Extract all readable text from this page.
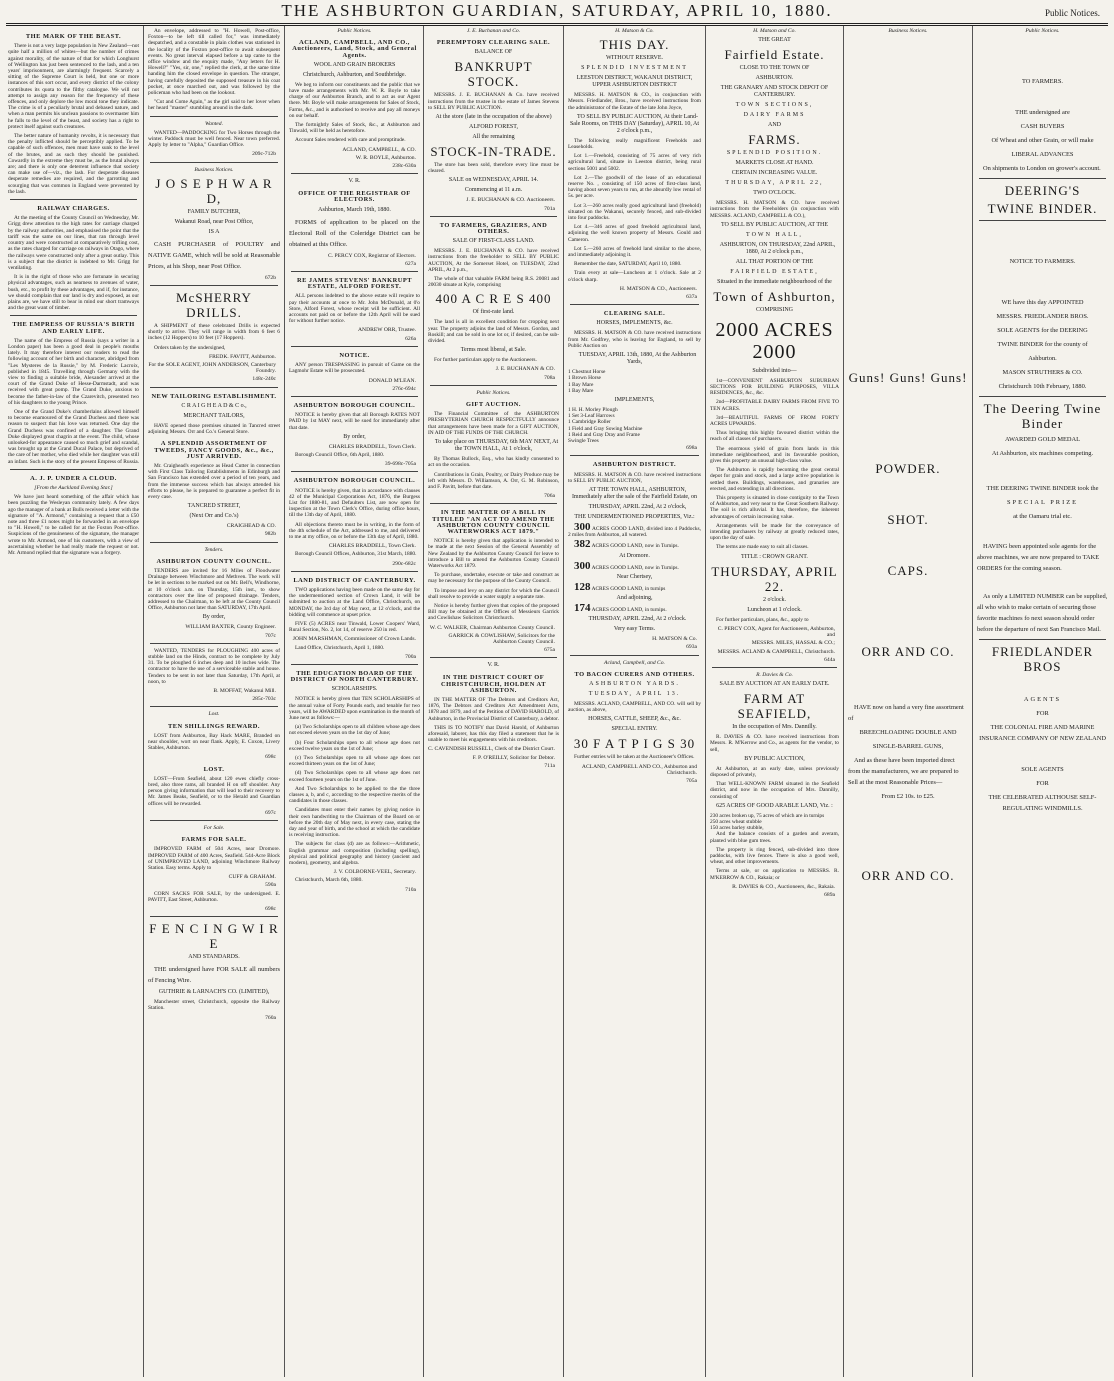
THE ASHBURTON GUARDIAN, SATURDAY, APRIL 10, 1880.	Public Notices.
THE MARK OF THE BEAST.

There is not a very large population in New Zealand—not quite half a million of whites—but the number of crimes against morality, of the nature of that for which Longhurst of Wellington has just been sentenced to the lash, and a ten years' imprisonment, are alarmingly frequent. Scarcely a sitting of the Supreme Court is held, but one or more instances of this sort occur, and every district of the colony contributes its quota to the filthy catalogue. We will not attempt to assign any reason for the frequency of these offences, and only deplore the low moral tone they indicate. The crime is of a peculiarly brutal and debased nature, and when a man permits his unclean passions to overmaster him he falls to the level of the beast, and society has a right to protect itself against such creatures.

The better nature of humanity revolts, it is necessary that the penalty inflicted should be perceptibly applied. To be capable of such offences, men must have sunk to the level of the brutes, and as such they should be punished. Cowardly in the extreme they must be, as the brutal always are; and there is only one deterrent influence that society can make use of—viz., the lash. For desperate diseases desperate remedies are required, and the garrotting and scourging that was common in England were prevented by the lash.

RAILWAY CHARGES.

At the meeting of the County Council on Wednesday, Mr. Grigg drew attention to the high rates for carriage charged by the railway authorities, and emphasised the point that the tariff was the same on our lines, that ran through level country and were constructed at comparatively trifling cost, as the rates charged for carriage on railways in Otago, where the railways were constructed only after a great outlay. This is a subject that the district is indebted to Mr. Grigg for ventilating.

It is in the right of those who are fortunate in securing physical advantages, such as nearness to avenues of water, bush, etc., to profit by these advantages, and if, for instance, we should complain that our land is dry and exposed, as our plains are, we have still to bear in mind our short tramways and the great want of timber.

THE EMPRESS OF RUSSIA'S BIRTH AND EARLY LIFE.

The name of the Empress of Russia (says a writer in a London paper) has been a good deal in people's mouths lately. It may therefore interest our readers to read the following account of her birth and character, abridged from "Les Mysteres de la Russie," by M. Frederic Lacroix, published in 1845. Travelling through Germany with the view to finding a suitable bride, Alexander arrived at the court of the Grand Duke of Hesse-Darmstadt, and was received with great pomp. The Grand Duke, anxious to become the father-in-law of the Czarevitch, presented two of his daughters to the young Prince.

One of the Grand Duke's chamberlains allowed himself to become enamoured of the Grand Duchess and there was reason to suspect that his love was returned. One day the Grand Duchess was confined of a daughter. The Grand Duke displayed great chagrin at the event. The child, whose unlooked-for appearance caused so much grief and scandal, was brought up at the Grand Ducal Palace, but deprived of the care of her mother, who died while her daughter was still an infant. Such is the story of the present Empress of Russia.

A. J. P. UNDER A CLOUD.
[From the Auckland Evening Star.]

We have just heard something of the affair which has been puzzling the Wesleyan community lately. A few days ago the manager of a bank at Bulls received a letter with the signature of "A. Armond," containing a request that a £50 note and three £1 notes might be forwarded in an envelope to "H. Howell," to be called for at the Foxton Post-office. Suspicions of the genuineness of the signature, the manager wrote to Mr. Armond, one of his customers, with a view of ascertaining whether he had really made the request or not. Mr. Armond replied that the signature was a forgery.

An envelope, addressed to "H. Howell, Post-office, Foxton—to be left till called for," was immediately despatched, and a constable in plain clothes was stationed in the locality of the Foxton post-office to await subsequent events. No great interval elapsed before a tap came to the office window and the enquiry made, "Any letters for H. Howell?" "Yes, sir, one," replied the clerk, at the same time handing him the closed envelope in question. The stranger, having carefully deposited the supposed treasure in his coat pocket, at once marched out, and was followed by the policeman who had been on the lookout.

"Cut and Come Again," as the girl said to her lover when her heard "master" stumbling around in the dark.

Wanted.

WANTED—PADDOCKING for Two Horses through the winter. Paddock must be well fenced. Near town preferred. Apply by letter to "Alpha," Guardian Office.

209c-712b
Business Notices.
J O S E P H W A R D,
FAMILY BUTCHER,
Wakanui Road, near Post Office,
IS A

CASH PURCHASER of POULTRY and NATIVE GAME, which will be sold at Reasonable Prices, at his Shop, near Post Office.

672b
McSHERRY DRILLS.

A SHIPMENT of these celebrated Drills is expected shortly to arrive. They will range in width from 6 feet 6 inches (12 Hoppers) to 10 feet (17 Hoppers).

Orders taken by the undersigned,

FREDK. FAVITT, Ashburton.
For the SOLE AGENT, JOHN ANDERSON, Canterbury Foundry.
148c-240c
NEW TAILORING ESTABLISHMENT.
C R A I G H E A D & C o.,
MERCHANT TAILORS,

HAVE opened those premises situated in Tancred street adjoining Messrs. Orr and Co.'s General Store.

A SPLENDID ASSORTMENT OF TWEEDS, FANCY GOODS, &c., &c., JUST ARRIVED.

Mr. Craighead's experience as Head Cutter in connection with First Class Tailoring Establishments in Edinburgh and San Francisco has extended over a period of ten years, and from the immense success which has always attended his efforts to please, he is prepared to guarantee a perfect fit in every case.

TANCRED STREET,
(Next Orr and Co.'s)
CRAIGHEAD & CO.
982b
Tenders.
ASHBURTON COUNTY COUNCIL.

TENDERS are invited for 16 Miles of Floodwater Drainage between Winchmore and Methven. The work will be let in sections to be marked out on Mr. Bell's, Windhorne, at 10 o'clock a.m. on Thursday, 15th inst., to show contractors over the line of proposed drainage. Tenders, addressed to the Chairman, to be left at the County Council Office, Ashburton not later than SATURDAY, 17th April.

By order,
WILLIAM BAXTER, County Engineer.
707c

WANTED, TENDERS for PLOUGHING 400 acres of stubble land on the Hinds, contract to be complete by July 31. To be ploughed 6 inches deep and 10 inches wide. The contractor to have the use of a serviceable stable and house. Tenders to be sent in not later than Saturday, 17th April, at noon, to

B. MOFFAT, Wakanui Mill.
285c-703c
Lost.
TEN SHILLINGS REWARD.

LOST from Ashburton, Bay Hack MARE, Branded on near shoulder, wort on near flank. Apply, E. Coxon, Livery Stables, Ashburton.

698c
LOST.

LOST—From Seafield, about 120 ewes chiefly cross-bred, also three rams, all branded H on off shoulder. Any person giving information that will lead to their recovery to Mr. James Beaks, Seafield, or to the Herald and Guardian offices will be rewarded.

697c
For Sale.
FARMS FOR SALE.

IMPROVED FARM of 504 Acres, near Dromore. IMPROVED FARM of 400 Acres, Seafield. 544-Acre Block of UNIMPROVED LAND, adjoining Winchmore Railway Station. Easy terms. Apply to

CUFF & GRAHAM.
590a

CORN SACKS FOR SALE, by the undersigned. E. PAVITT, East Street, Ashburton.

698c
F E N C I N G W I R E
AND STANDARDS.

THE undersigned have FOR SALE all numbers of Fencing Wire.

GUTHRIE & LARNACH'S CO. (LIMITED),

Manchester street, Christchurch, opposite the Railway Station.

760a
Public Notices.
ACLAND, CAMPBELL, AND CO., Auctioneers, Land, Stock, and General Agents.
WOOL AND GRAIN BROKERS
Christchurch, Ashburton, and Southbridge.

We beg to inform our constituents and the public that we have made arrangements with Mr. W. R. Boyle to take charge of our Ashburton Branch, and to act as our Agent there. Mr. Boyle will make arrangements for Sales of Stock, Farms, &c., and is authorised to receive and pay all moneys on our behalf.

The fortnightly Sales of Stock, &c., at Ashburton and Tinwald, will be held as heretofore.

Account Sales rendered with care and promptitude.

ACLAND, CAMPBELL, & CO.
W. R. BOYLE, Ashburton.
238c-630a
V. R.
OFFICE OF THE REGISTRAR OF ELECTORS.
Ashburton, March 19th, 1880.

FORMS of application to be placed on the Electoral Roll of the Coleridge District can be obtained at this Office.

C. PERCY COX, Registrar of Electors.
627a
RE JAMES STEVENS' BANKRUPT ESTATE, ALFORD FOREST.

ALL persons indebted to the above estate will require to pay their accounts at once to Mr. John McDonald, at 0'o Store, Alford Forest, whose receipt will be sufficient. All accounts not paid on or before the 12th April will be sued for without further notice.

ANDREW ORR, Trustee.
626a
NOTICE.

ANY person TRESPASSING in pursuit of Game on the Lagmohr Estate will be prosecuted.

DONALD M'LEAN.
276c-694c
ASHBURTON BOROUGH COUNCIL.

NOTICE is hereby given that all Borough RATES NOT PAID by 1st MAY next, will be sued for immediately after that date.

By order,
CHARLES BRADDELL, Town Clerk.

Borough Council Office, 6th April, 1880.

39-698c-705a
ASHBURTON BOROUGH COUNCIL.

NOTICE is hereby given, that in accordance with clauses 42 of the Municipal Corporations Act, 1876, the Burgess List for 1880-81, and Defaulters List, are now open for inspection at the Town Clerk's Office, during office hours, till the 13th day of April, 1880.

All objections thereto must be in writing, in the form of the 4th schedule of the Act, addressed to me, and delivered to me at my office, on or before the 13th day of April, 1880.

CHARLES BRADDELL, Town Clerk.

Borough Council Offices, Ashburton, 31st March, 1880.

290c-682c
LAND DISTRICT OF CANTERBURY.

TWO applications having been made on the same day for the undermentioned section of Crown Land, it will be submitted to auction at the Land Office, Christchurch, on MONDAY, the 3rd day of May next, at 12 o'clock, and the bidding will commence at upset price.

FIVE (5) ACRES near Tinwald, Lower Coopers' Ward, Rural Section, No. 2, lot 14, of reserve 250 in red.

JOHN MARSHMAN, Commissioner of Crown Lands.

Land Office, Christchurch, April 1, 1880.

700a
THE EDUCATION BOARD OF THE DISTRICT OF NORTH CANTERBURY.
SCHOLARSHIPS.

NOTICE is hereby given that TEN SCHOLARSHIPS of the annual value of Forty Pounds each, and tenable for two years, will be AWARDED upon examination in the month of June next as follows:—

(a) Two Scholarships open to all children whose age does not exceed eleven years on the 1st day of June;

(b) Four Scholarships open to all whose age does not exceed twelve years on the 1st of June;

(c) Two Scholarships open to all whose age does not exceed thirteen years on the 1st of June;

(d) Two Scholarships open to all whose age does not exceed fourteen years on the 1st of June.

And Two Scholarships to be applied to the the three classes a, b, and c, according to the respective merits of the candidates in those classes.

Candidates must enter their names by giving notice in their own handwriting to the Chairman of the Board on or before the 20th day of May next, in every case, stating the day and year of birth, and the school at which the candidate is receiving instruction.

The subjects for class (d) are as follows:—Arithmetic, English grammar and composition (including spelling), physical and political geography and history (ancient and modern), geometry, and algebra.

J. V. COLBORNE-VEEL, Secretary.

Christchurch, March 6th, 1880.

710a
J. E. Buchanan and Co.
PEREMPTORY CLEARING SALE.
BALANCE OF
BANKRUPT STOCK.

MESSRS. J. E. BUCHANAN & Co. have received instructions from the trustee in the estate of James Stevens to SELL BY PUBLIC AUCTION.

At the store (late in the occupation of the above)
ALFORD FOREST,
All the remaining
STOCK-IN-TRADE.

The store has been sold, therefore every line must be cleared.

SALE on WEDNESDAY, APRIL 14.
Commencing at 11 a.m.
J. E. BUCHANAN & CO. Auctioneers.
701a
TO FARMERS, GRAZIERS, AND OTHERS.
SALE OF FIRST-CLASS LAND.

MESSRS. J. E. BUCHANAN & CO. have received instructions from the freeholder to SELL BY PUBLIC AUCTION, At the Somerset Hotel, on TUESDAY, 22nd APRIL, At 2 p.m.,

The whole of that valuable FARM being R.S. 20081 and 20030 situate at Kyle, comprising

400 A C R E S 400
Of first-rate land.

The land is all in excellent condition for cropping next year. The property adjoins the land of Messrs. Gordon, and Roskill; and can be sold in one lot or, if desired, can be sub-divided.

Terms most liberal, at Sale.

For further particulars apply to the Auctioneers.

J. E. BUCHANAN & CO.
708a
Public Notices.
GIFT AUCTION.

The Financial Committee of the ASHBURTON PRESBYTERIAN CHURCH RESPECTFULLY announce that arrangements have been made for a GIFT AUCTION, IN AID OF THE FUNDS OF THE CHURCH.

To take place on THURSDAY, 6th MAY NEXT, At the TOWN HALL, At 1 o'clock,

By Thomas Bullock, Esq., who has kindly consented to act on the occasion.

Contributions in Grain, Poultry, or Dairy Produce may be left with Messrs. D. Williamson, A. Orr, G. M. Robinson, and F. Pavitt, before that date.

706a
IN THE MATTER OF A BILL IN TITULED "AN ACT TO AMEND THE ASHBURTON COUNTY COUNCIL WATERWORKS ACT 1879."

NOTICE is hereby given that application is intended to be made at the next Session of the General Assembly of New Zealand by the Ashburton County Council for leave to introduce a Bill to amend the Ashburton County Council Waterworks Act 1879.

To purchase, undertake, execute or take and construct as may be necessary for the purpose of the County Council.

To impose and levy on any district for which the Council shall resolve to provide a water supply a separate rate.

Notice is hereby further given that copies of the proposed Bill may be obtained at the Offices of Messieurs Garrick and Cowlishaw Solicitors Christchurch.

W. C. WALKER, Chairman Ashburton County Council.
GARRICK & COWLISHAW, Solicitors for the Ashburton County Council.
675a
V. R.
IN THE DISTRICT COURT OF CHRISTCHURCH, HOLDEN AT ASHBURTON.

IN THE MATTER OF The Debtors and Creditors Act, 1876, The Debtors and Creditors Act Amendment Acts, 1878 and 1879, and of the Petition of DAVID HAROLD, of Ashburton, in the Provincial District of Canterbury, a debtor.

THIS IS TO NOTIFY that David Harold, of Ashburton aforesaid, laborer, has this day filed a statement that he is unable to meet his engagements with his creditors.

C. CAVENDISH RUSSELL, Clerk of the District Court.
F. P. O'REILLY, Solicitor for Debtor.
711a
H. Matson & Co.
THIS DAY.
WITHOUT RESERVE.
SPLENDID INVESTMENT
LEESTON DISTRICT, WAKANUI DISTRICT, UPPER ASHBURTON DISTRICT

MESSRS. H. MATSON & CO., in conjunction with Messrs. Friedlander, Bros., have received instructions from the administrator of the Estate of the late John Joyce,

TO SELL BY PUBLIC AUCTION, At their Land-Sale Rooms, on THIS DAY (Saturday), APRIL 10, At 2 o'clock p.m.,

The following really magnificent Freeholds and Leaseholds.

Lot 1.—Freehold, consisting of 75 acres of very rich agricultural land, situate in Leeston district, being rural sections 5001 and 5002.

Lot 2.—The goodwill of the lease of an educational reserve No. , consisting of 150 acres of first-class land, having about seven years to run, at the absurdly low rental of 5s. per acre.

Lot 3.—260 acres really good agricultural land (freehold) situated on the Wakanui, securely fenced, and sub-divided into four paddocks.

Lot 4.—346 acres of good freehold agricultural land, adjoining the well known property of Messrs. Gould and Cameron.

Lot 5.—260 acres of freehold land similar to the above, and immediately adjoining it.

Remember the date, SATURDAY, April 10, 1880.

Train every at sale—Luncheon at 1 o'clock. Sale at 2 o'clock sharp.

H. MATSON & CO., Auctioneers.
637a
CLEARING SALE.
HORSES, IMPLEMENTS, &c.

MESSRS. H. MATSON & CO. have received instructions from Mr. Godfrey, who is leaving for England, to sell by Public Auction on

TUESDAY, APRIL 13th, 1880, At the Ashburton Yards,

1 Chestnut Horse
1 Brown Horse
1 Bay Mare
1 Bay Mare
IMPLEMENTS,
1 H. H. Morley Plough
1 Set 3-Leaf Harrows
1 Cambridge Roller
1 Field and Gray Sowing Machine
1 Reid and Gray Dray and Frame
Swingle Trees
698a
ASHBURTON DISTRICT.

MESSRS. H. MATSON & CO. have received instructions to SELL BY PUBLIC AUCTION,

AT THE TOWN HALL, ASHBURTON, Immediately after the sale of the Fairfield Estate, on

THURSDAY, APRIL 22nd, At 2 o'clock,

THE UNDERMENTIONED PROPERTIES, Viz.:

300 ACRES GOOD LAND, divided into 4 Paddocks, 2 miles from Ashburton, all watered.

382 ACRES GOOD LAND, now in Turnips.

At Dromore.

300 ACRES GOOD LAND, now in Turnips.

Near Chertsey,

128 ACRES GOOD LAND, in turnips

And adjoining,

174 ACRES GOOD LAND, in turnips.

THURSDAY, APRIL 22nd, At 2 o'clock.

Very easy Terms.
H. MATSON & Co.
693a
Acland, Campbell, and Co.
TO BACON CURERS AND OTHERS.
ASHBURTON YARDS.
TUESDAY, APRIL 13.

MESSRS. ACLAND, CAMPBELL, AND CO. will sell by auction, as above,

HORSES, CATTLE, SHEEP, &c., &c.
SPECIAL ENTRY.
30 F A T P I G S 30

Further entries will be taken at the Auctioneer's Offices.

ACLAND, CAMPBELL AND CO., Ashburton and Christchurch.
705a
H. Matson and Co.
THE GREAT
Fairfield Estate.
CLOSE TO THE TOWN OF
ASHBURTON.
THE GRANARY AND STOCK DEPOT OF CANTERBURY.
TOWN SECTIONS,
DAIRY FARMS
AND
FARMS.
SPLENDID POSITION.
MARKETS CLOSE AT HAND.
CERTAIN INCREASING VALUE.
THURSDAY, APRIL 22,
TWO O'CLOCK.

MESSRS. H. MATSON & CO. have received instructions from the Freeholders (in conjunction with MESSRS. ACLAND, CAMPBELL & CO.),

TO SELL BY PUBLIC AUCTION, AT THE
TOWN HALL,

ASHBURTON, ON THURSDAY, 22nd APRIL, 1880, At 2 o'clock p.m.,

ALL THAT PORTION OF THE
FAIRFIELD ESTATE,
Situated in the immediate neighbourhood of the
Town of Ashburton,
COMPRISING
2000 ACRES 2000
Subdivided into—

1st—CONVENIENT ASHBURTON SUBURBAN SECTIONS FOR BUILDING PURPOSES, VILLA RESIDENCES, &c., &c.

2nd—PROFITABLE DAIRY FARMS FROM FIVE TO TEN ACRES.

3rd—BEAUTIFUL FARMS OF FROM FORTY ACRES UPWARDS.

Thus bringing this highly favoured district within the reach of all classes of purchasers.

The enormous yield of grain from lands in this immediate neighbourhood, and its favourable position, gives this property an unusual high-class value.

The Ashburton is rapidly becoming the great central depot for grain and stock, and a large active population is settled there. Buildings, warehouses, and granaries are erected, and extending in all directions.

This property is situated in close contiguity to the Town of Ashburton, and very near to the Great Southern Railway. The soil is rich alluvial. It has, therefore, the inherent advantages of certain increasing value.

Arrangements will be made for the conveyance of intending purchasers by railway at greatly reduced rates, upon the day of sale.

The terms are made easy to suit all classes.

TITLE : CROWN GRANT.
THURSDAY, APRIL 22.
2 o'clock.
Luncheon at 1 o'clock.

For further particulars, plans, &c., apply to

C. PERCY COX, Agent for Auctioneers, Ashburton, and
MESSRS. MILES, HASSAL & CO.;
MESSRS. ACLAND & CAMPBELL, Christchurch.
644a
R. Davies & Co.
SALE BY AUCTION AT AN EARLY DATE.
FARM AT SEAFIELD,
In the occupation of Mrs. Dannilly.

R. DAVIES & CO. have received instructions from Messrs. R. M'Kerrow and Co., as agents for the vendor, to sell,

BY PUBLIC AUCTION,

At Ashburton, at an early date, unless previously disposed of privately,

That WELL-KNOWN FARM situated in the Seafield district, and now in the occupation of Mrs. Dannilly, consisting of

625 ACRES OF GOOD ARABLE LAND, Viz. :
230 acres broken up, 75 acres of which are in turnips
250 acres wheat stubble
150 acres barley stubble,

And the balance consists of a garden and averam, planted with blue gum trees.

The property is ring fenced, sub-divided into three paddocks, with live fences. There is also a good well, wheat, and other improvements.

Terms at sale, or on application to MESSRS. R. M'KERROW & CO., Rakaia; or

R. DAVIES & CO., Auctioneers, &c., Rakaia.
689a
Business Notices.
Guns! Guns! Guns!
POWDER.
SHOT.
CAPS.
ORR AND CO.

HAVE now on hand a very fine assortment of

BREECHLOADING DOUBLE AND
SINGLE-BARREL GUNS,

And as these have been imported direct from the manufacturers, we are prepared to Sell at the most Reasonable Prices—

From £2 10s. to £25.
ORR AND CO.
Public Notices.
TO FARMERS.
THE undersigned are
CASH BUYERS
Of Wheat and other Grain, or will make
LIBERAL ADVANCES

On shipments to London on grower's account.

DEERING'S
TWINE BINDER.
NOTICE TO FARMERS.
WE have this day APPOINTED
MESSRS. FRIEDLANDER BROS.
SOLE AGENTS for the DEERING
TWINE BINDER for the county of
Ashburton.
MASON STRUTHERS & CO.
Christchurch 10th February, 1880.
The Deering Twine Binder
AWARDED GOLD MEDAL
At Ashburton, six machines competing.
THE DEERING TWINE BINDER took the
SPECIAL PRIZE
at the Oamaru trial etc.

HAVING been appointed sole agents for the above machines, we are now prepared to TAKE ORDERS for the coming season.

As only a LIMITED NUMBER can be supplied, all who wish to make certain of securing those favorite machines fo next season should order before the departure of next San Francisco Mail.

FRIEDLANDER BROS
AGENTS
FOR
THE COLONIAL FIRE AND MARINE INSURANCE COMPANY OF NEW ZEALAND
SOLE AGENTS
FOR
THE CELEBRATED ALTHOUSE SELF-REGULATING WINDMILLS.
